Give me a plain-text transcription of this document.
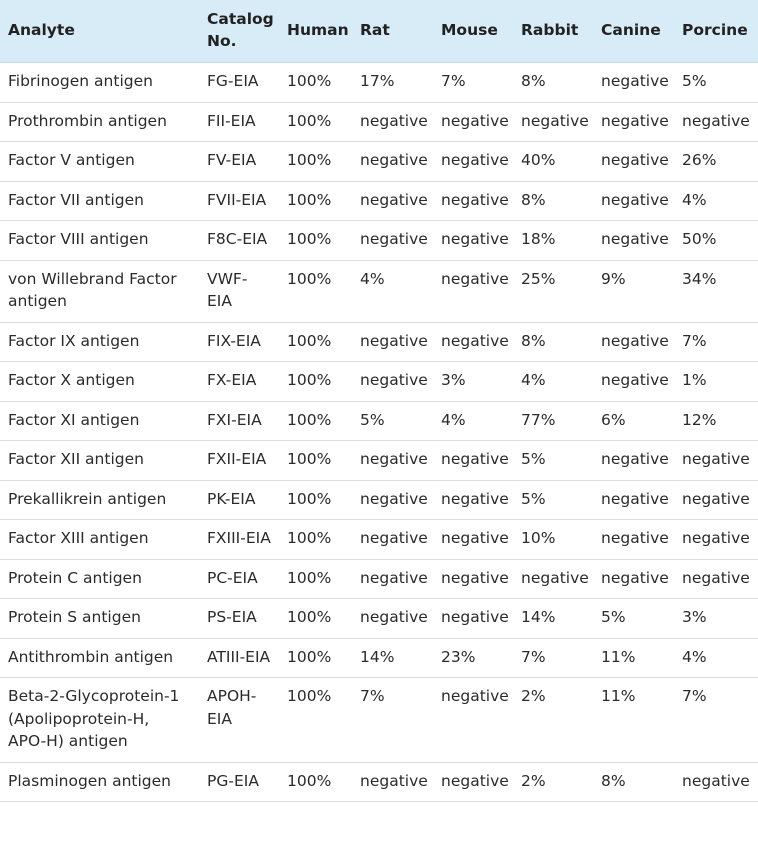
Analyte	Catalog No.	Human	Rat	Mouse	Rabbit	Canine	Porcine
Fibrinogen antigen	FG-EIA	100%	17%	7%	8%	negative	5%
Prothrombin antigen	FII-EIA	100%	negative	negative	negative	negative	negative
Factor V antigen	FV-EIA	100%	negative	negative	40%	negative	26%
Factor VII antigen	FVII-EIA	100%	negative	negative	8%	negative	4%
Factor VIII antigen	F8C-EIA	100%	negative	negative	18%	negative	50%
von Willebrand Factor antigen	VWF-EIA	100%	4%	negative	25%	9%	34%
Factor IX antigen	FIX-EIA	100%	negative	negative	8%	negative	7%
Factor X antigen	FX-EIA	100%	negative	3%	4%	negative	1%
Factor XI antigen	FXI-EIA	100%	5%	4%	77%	6%	12%
Factor XII antigen	FXII-EIA	100%	negative	negative	5%	negative	negative
Prekallikrein antigen	PK-EIA	100%	negative	negative	5%	negative	negative
Factor XIII antigen	FXIII-EIA	100%	negative	negative	10%	negative	negative
Protein C antigen	PC-EIA	100%	negative	negative	negative	negative	negative
Protein S antigen	PS-EIA	100%	negative	negative	14%	5%	3%
Antithrombin antigen	ATIII-EIA	100%	14%	23%	7%	11%	4%
Beta-2-Glycoprotein-1 (Apolipoprotein-H, APO-H) antigen	APOH-EIA	100%	7%	negative	2%	11%	7%
Plasminogen antigen	PG-EIA	100%	negative	negative	2%	8%	negative
